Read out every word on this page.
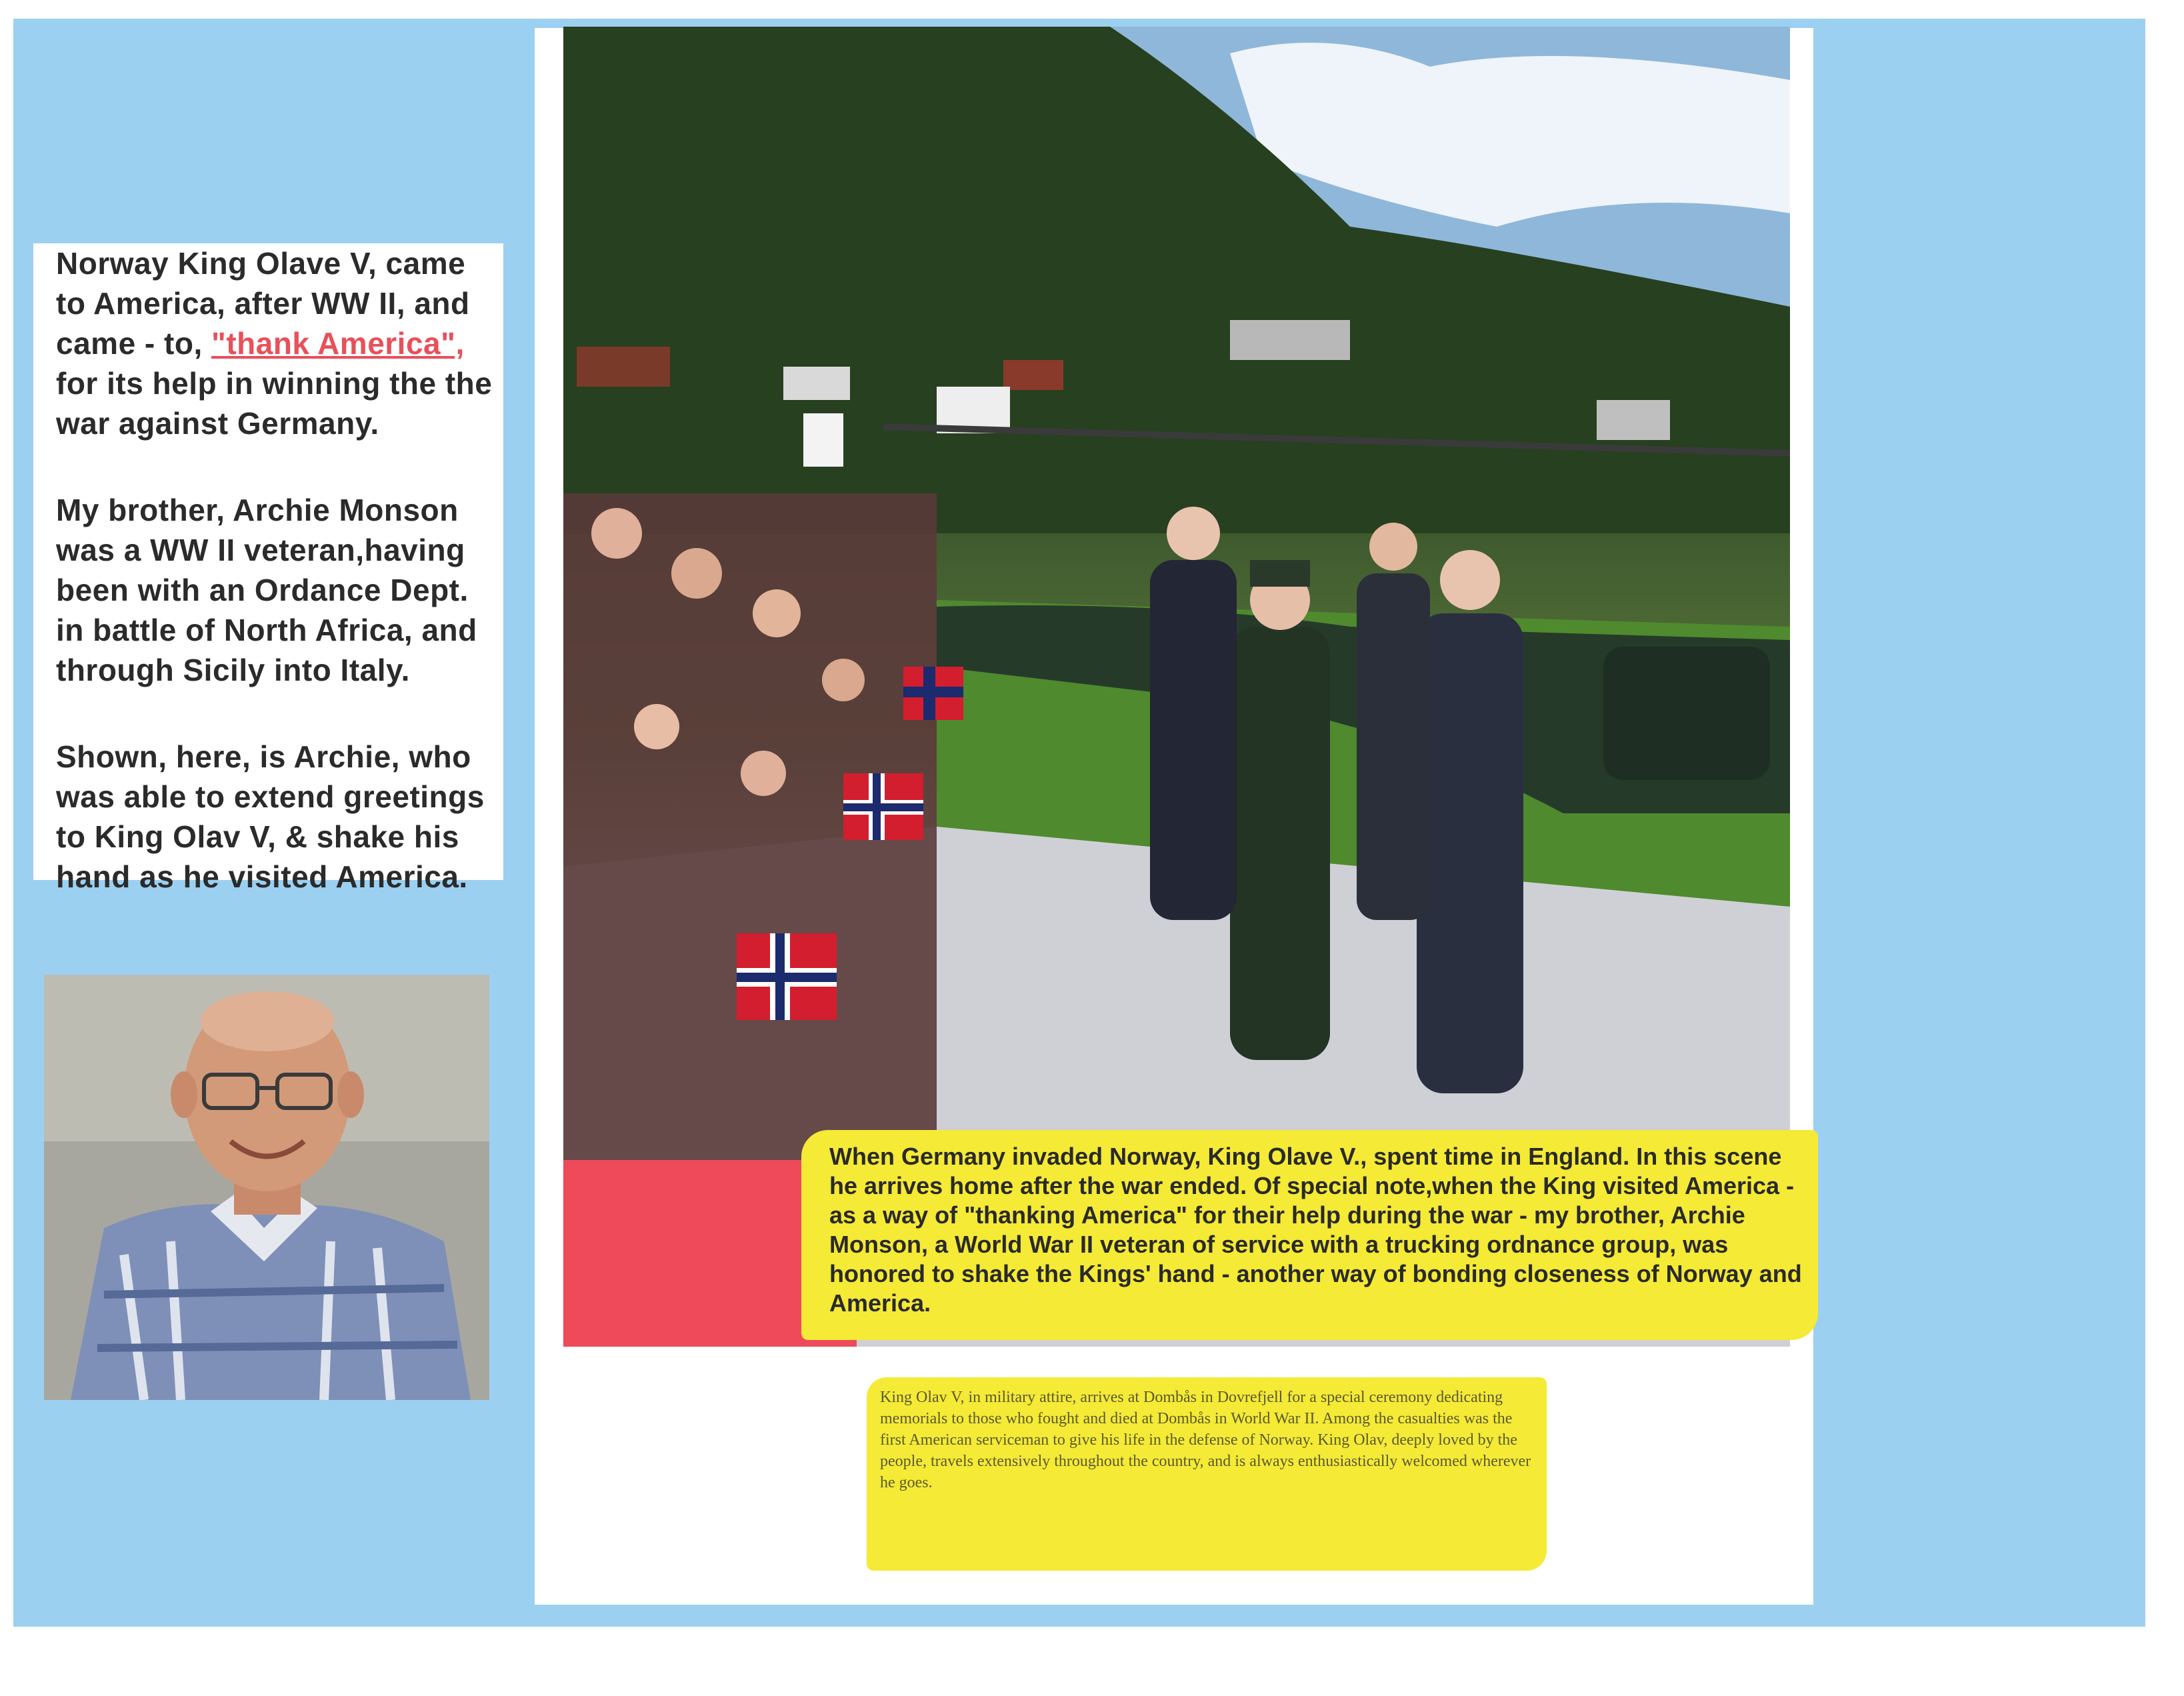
Norway King Olave V, came to America, after WW II, and came - to, "thank America", for its help in winning the the war against Germany.

My brother, Archie Monson was a WW II veteran,having been with an Ordance Dept. in battle of North Africa, and through Sicily into Italy.

Shown, here, is Archie, who was able to extend greetings to King Olav V, & shake his hand as he visited America.

When Germany invaded Norway, King Olave V., spent time in England. In this scene he arrives home after the war ended. Of special note,when the King visited America - as a way of "thanking America" for their help during the war - my brother, Archie Monson, a World War II veteran of service with a trucking ordnance group, was honored to shake the Kings' hand - another way of bonding closeness of Norway and America.
King Olav V, in military attire, arrives at Dombås in Dovrefjell for a special ceremony dedicating memorials to those who fought and died at Dombås in World War II. Among the casualties was the first American serviceman to give his life in the defense of Norway. King Olav, deeply loved by the people, travels extensively throughout the country, and is always enthusiastically welcomed wherever he goes.
